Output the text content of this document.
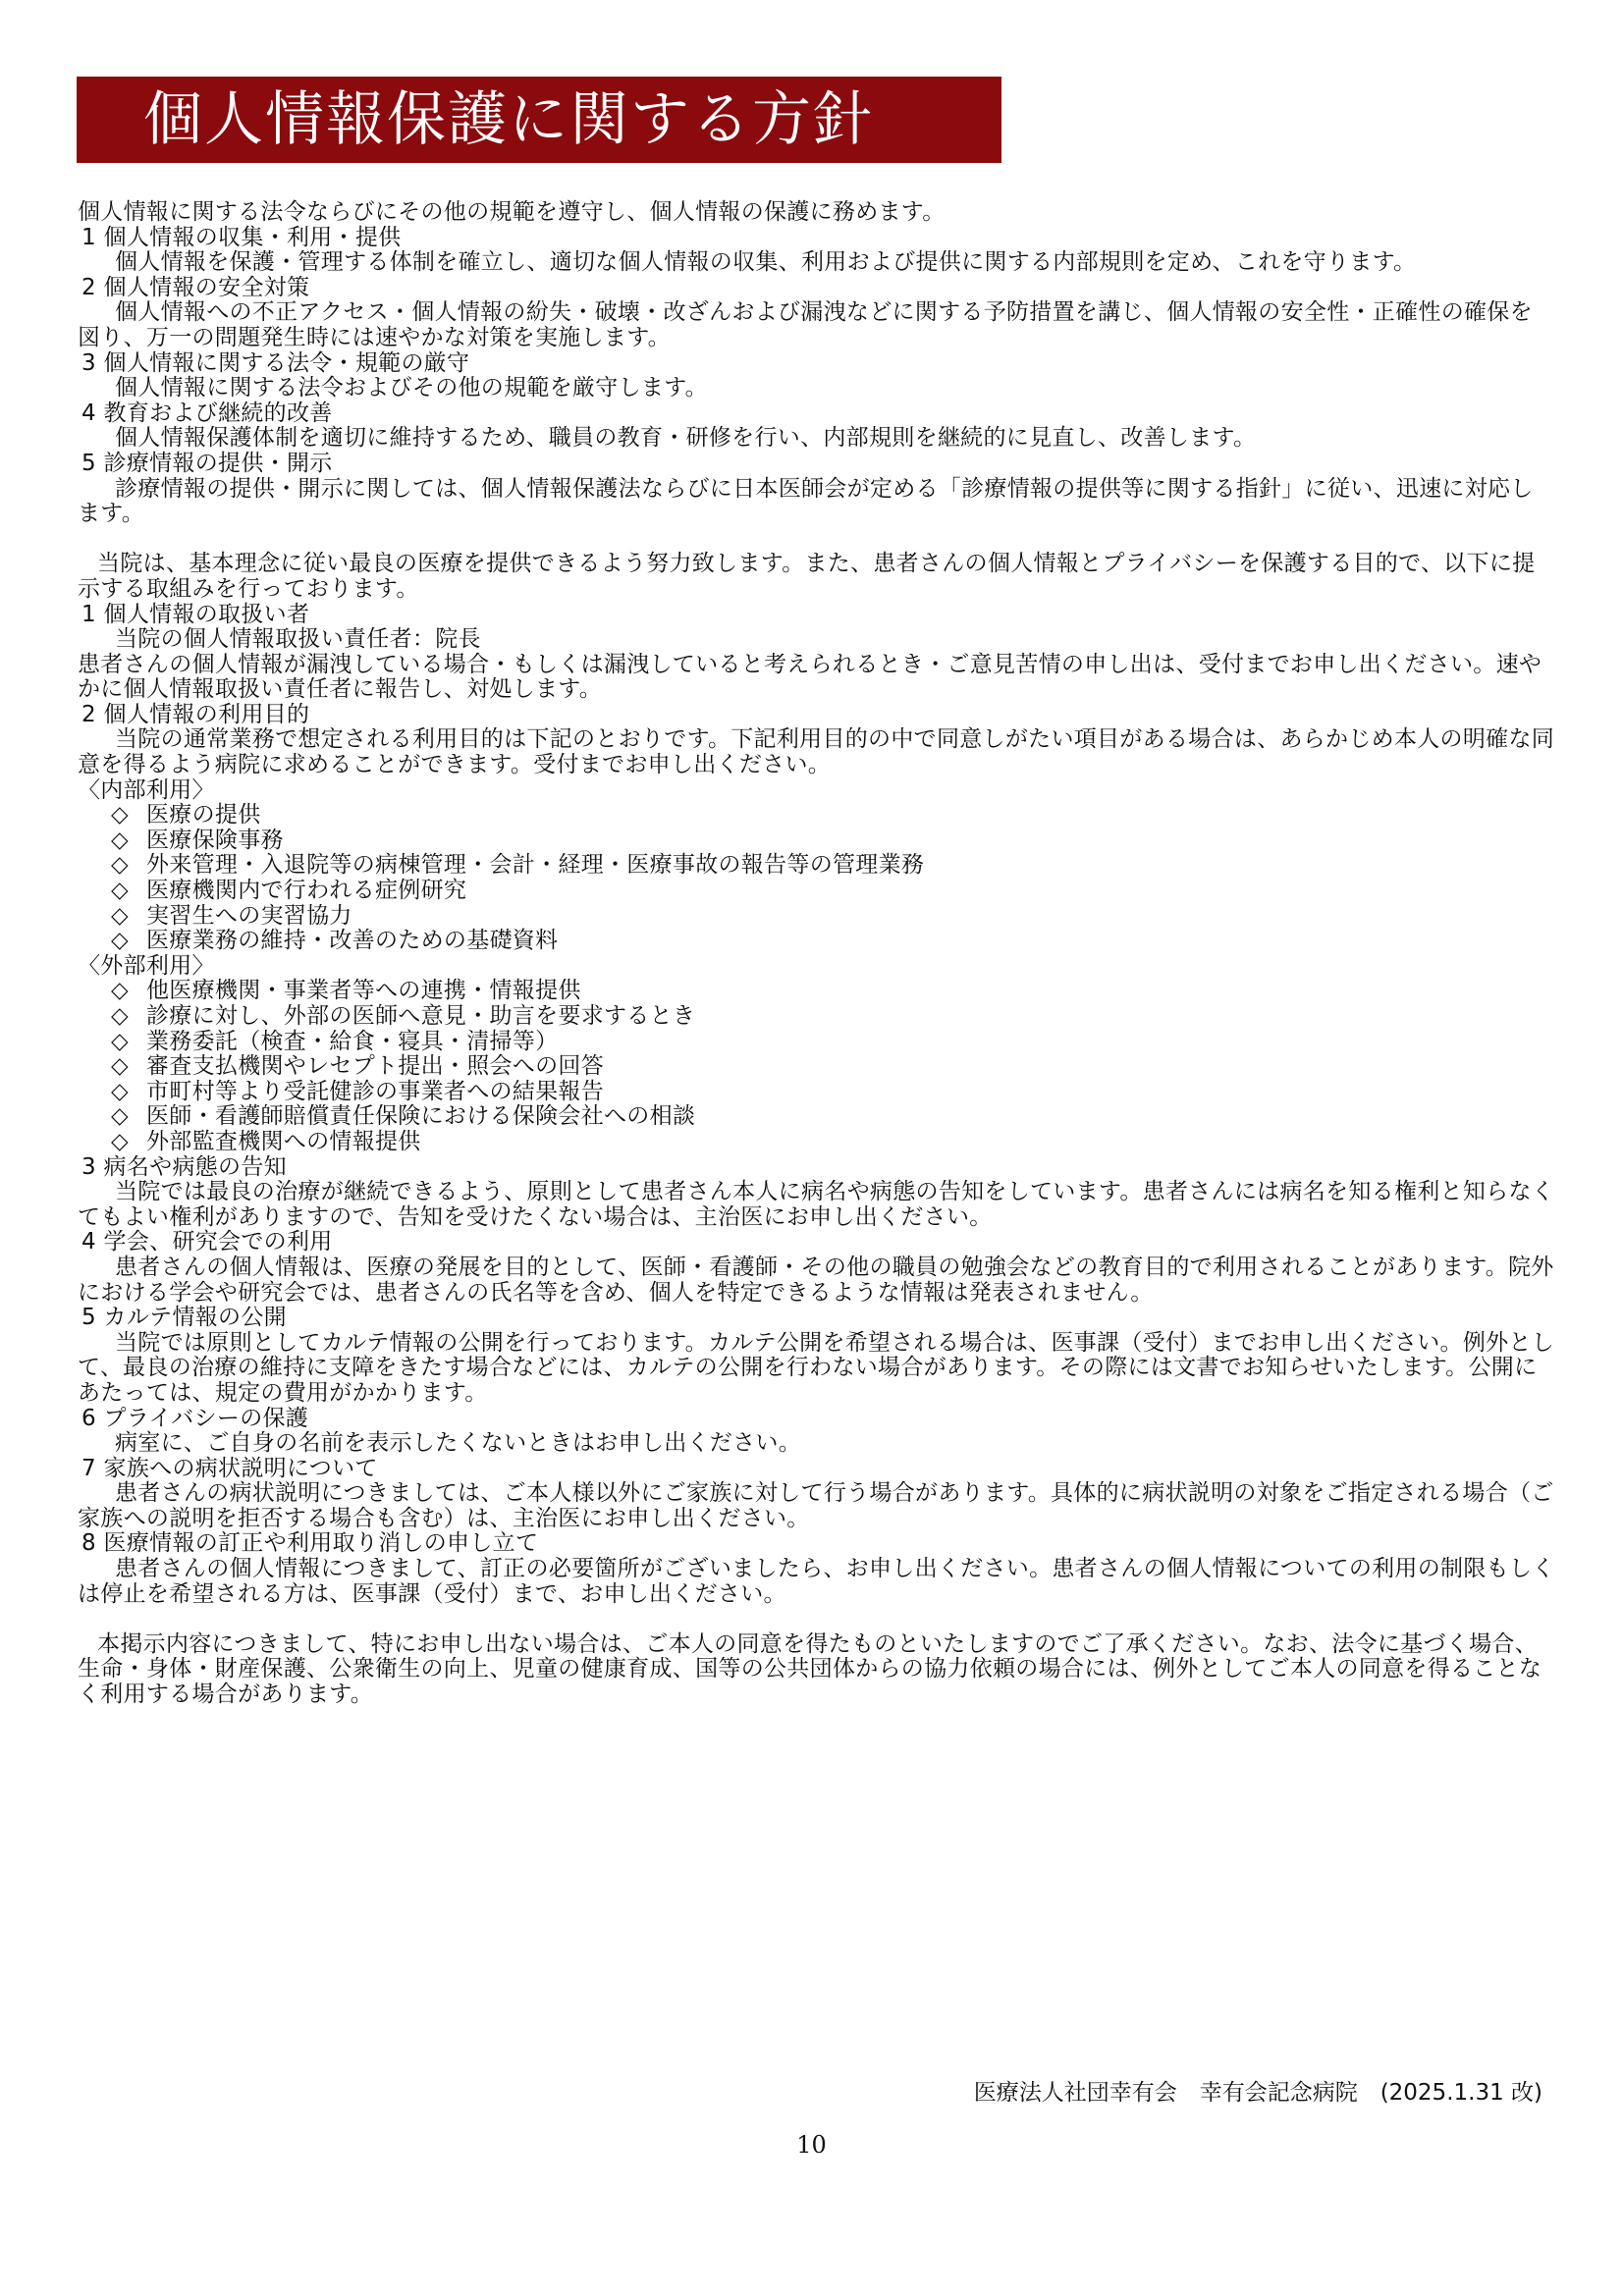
個人情報保護に関する方針

個人情報に関する法令ならびにその他の規範を遵守し、個人情報の保護に務めます。

1 個人情報の収集・利用・提供

個人情報を保護・管理する体制を確立し、適切な個人情報の収集、利用および提供に関する内部規則を定め、これを守ります。

2 個人情報の安全対策

個人情報への不正アクセス・個人情報の紛失・破壊・改ざんおよび漏洩などに関する予防措置を講じ、個人情報の安全性・正確性の確保を図り、万一の問題発生時には速やかな対策を実施します。

3 個人情報に関する法令・規範の厳守

個人情報に関する法令およびその他の規範を厳守します。

4 教育および継続的改善

個人情報保護体制を適切に維持するため、職員の教育・研修を行い、内部規則を継続的に見直し、改善します。

5 診療情報の提供・開示

診療情報の提供・開示に関しては、個人情報保護法ならびに日本医師会が定める「診療情報の提供等に関する指針」に従い、迅速に対応します。

当院は、基本理念に従い最良の医療を提供できるよう努力致します。また、患者さんの個人情報とプライバシーを保護する目的で、以下に提示する取組みを行っております。

1 個人情報の取扱い者

当院の個人情報取扱い責任者：院長

患者さんの個人情報が漏洩している場合・もしくは漏洩していると考えられるとき・ご意見苦情の申し出は、受付までお申し出ください。速やかに個人情報取扱い責任者に報告し、対処します。

2 個人情報の利用目的

当院の通常業務で想定される利用目的は下記のとおりです。下記利用目的の中で同意しがたい項目がある場合は、あらかじめ本人の明確な同意を得るよう病院に求めることができます。受付までお申し出ください。

〈内部利用〉

◇ 医療の提供
◇ 医療保険事務
◇ 外来管理・入退院等の病棟管理・会計・経理・医療事故の報告等の管理業務
◇ 医療機関内で行われる症例研究
◇ 実習生への実習協力
◇ 医療業務の維持・改善のための基礎資料

〈外部利用〉

◇ 他医療機関・事業者等への連携・情報提供
◇ 診療に対し、外部の医師へ意見・助言を要求するとき
◇ 業務委託（検査・給食・寝具・清掃等）
◇ 審査支払機関やレセプト提出・照会への回答
◇ 市町村等より受託健診の事業者への結果報告
◇ 医師・看護師賠償責任保険における保険会社への相談
◇ 外部監査機関への情報提供

3 病名や病態の告知

当院では最良の治療が継続できるよう、原則として患者さん本人に病名や病態の告知をしています。患者さんには病名を知る権利と知らなくてもよい権利がありますので、告知を受けたくない場合は、主治医にお申し出ください。

4 学会、研究会での利用

患者さんの個人情報は、医療の発展を目的として、医師・看護師・その他の職員の勉強会などの教育目的で利用されることがあります。院外における学会や研究会では、患者さんの氏名等を含め、個人を特定できるような情報は発表されません。

5 カルテ情報の公開

当院では原則としてカルテ情報の公開を行っております。カルテ公開を希望される場合は、医事課（受付）までお申し出ください。例外として、最良の治療の維持に支障をきたす場合などには、カルテの公開を行わない場合があります。その際には文書でお知らせいたします。公開にあたっては、規定の費用がかかります。

6 プライバシーの保護

病室に、ご自身の名前を表示したくないときはお申し出ください。

7 家族への病状説明について

患者さんの病状説明につきましては、ご本人様以外にご家族に対して行う場合があります。具体的に病状説明の対象をご指定される場合（ご家族への説明を拒否する場合も含む）は、主治医にお申し出ください。

8 医療情報の訂正や利用取り消しの申し立て

患者さんの個人情報につきまして、訂正の必要箇所がございましたら、お申し出ください。患者さんの個人情報についての利用の制限もしくは停止を希望される方は、医事課（受付）まで、お申し出ください。

本掲示内容につきまして、特にお申し出ない場合は、ご本人の同意を得たものといたしますのでご了承ください。なお、法令に基づく場合、生命・身体・財産保護、公衆衛生の向上、児童の健康育成、国等の公共団体からの協力依頼の場合には、例外としてご本人の同意を得ることなく利用する場合があります。

医療法人社団幸有会　幸有会記念病院　(2025.1.31 改)
10
